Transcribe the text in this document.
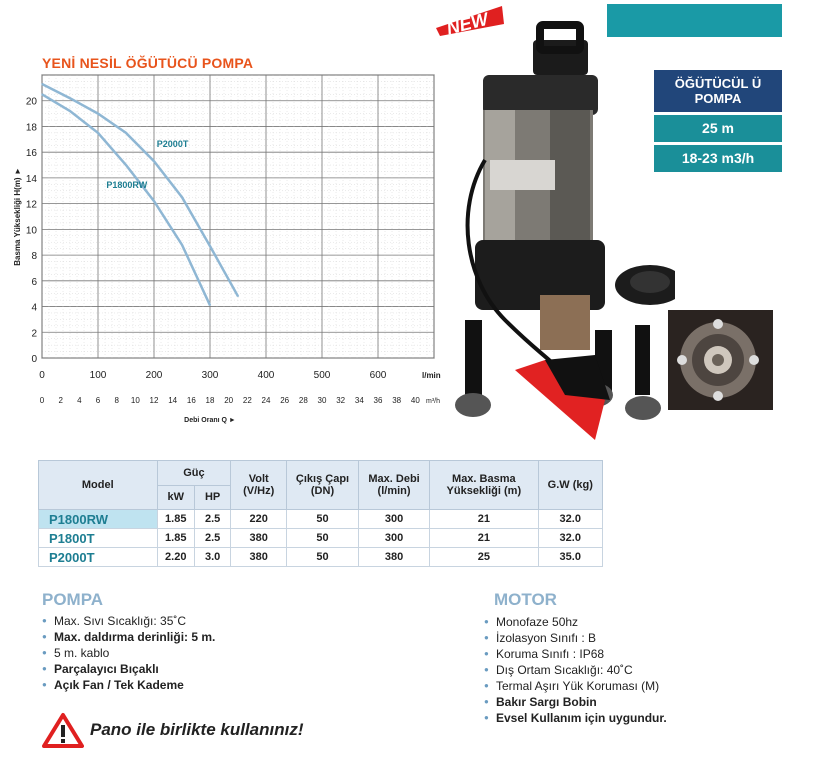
NEW
YENİ NESİL ÖĞÜTÜCÜ POMPA
0
2
4
6
8
10
12
14
16
18
20
0	100	200	300	400	500	600	l/min
0 2 4 6 8 10 12 14 16 18 20 22 24 26 28 30 32 34 36 38 40 m³/h
Debi Oranı Q ►
Basma Yüksekliği H(m) ►
P2000T
P1800RW
ÖĞÜTÜCÜL Ü POMPA
25 m
18-23 m3/h
Model	Güç		Volt (V/Hz)	Çıkış Çapı (DN)	Max. Debi (l/min)	Max. Basma Yüksekliği (m)	G.W (kg)
	kW	HP					
P1800RW	1.85	2.5	220	50	300	21	32.0
P1800T	1.85	2.5	380	50	300	21	32.0
P2000T	2.20	3.0	380	50	380	25	35.0
POMPA
● Max. Sıvı Sıcaklığı: 35˚C
● Max. daldırma derinliği: 5 m.
● 5 m. kablo
● Parçalayıcı Bıçaklı
● Açık Fan / Tek Kademe
MOTOR
● Monofaze 50hz
● İzolasyon Sınıfı : B
● Koruma Sınıfı : IP68
● Dış Ortam Sıcaklığı: 40˚C
● Termal Aşırı Yük Koruması (M)
● Bakır Sargı Bobin
● Evsel Kullanım için uygundur.
Pano ile birlikte kullanınız!
